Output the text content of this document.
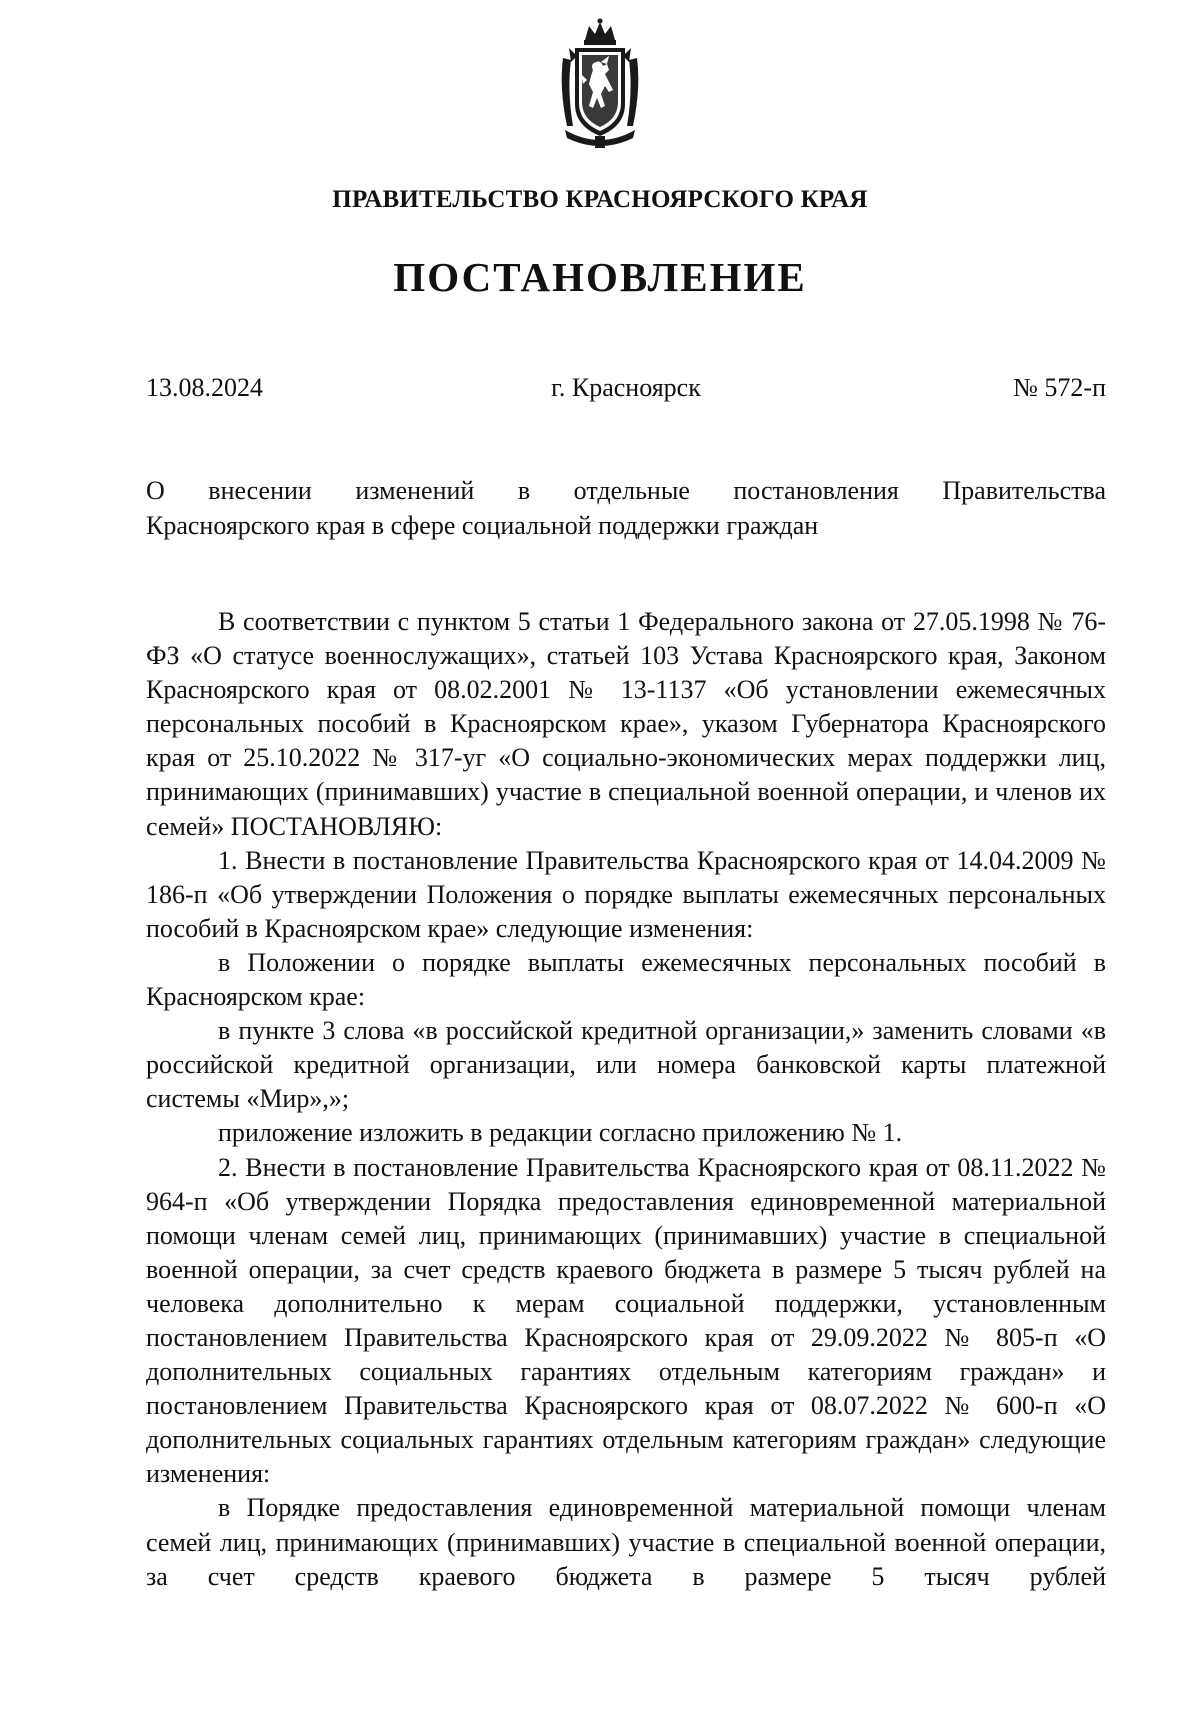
ПРАВИТЕЛЬСТВО КРАСНОЯРСКОГО КРАЯ
ПОСТАНОВЛЕНИЕ
13.08.2024	г. Красноярск	№ 572-п
О внесении изменений в отдельные постановления Правительства
Красноярского края в сфере социальной поддержки граждан

В соответствии с пунктом 5 статьи 1 Федерального закона от 27.05.1998 № 76-ФЗ «О статусе военнослужащих», статьей 103 Устава Красноярского края, Законом Красноярского края от 08.02.2001 № 13-1137 «Об установлении ежемесячных персональных пособий в Красноярском крае», указом Губернатора Красноярского края от 25.10.2022 № 317-уг «О социально-экономических мерах поддержки лиц, принимающих (принимавших) участие в специальной военной операции, и членов их семей» ПОСТАНОВЛЯЮ:

1. Внести в постановление Правительства Красноярского края от 14.04.2009 № 186-п «Об утверждении Положения о порядке выплаты ежемесячных персональных пособий в Красноярском крае» следующие изменения:

в Положении о порядке выплаты ежемесячных персональных пособий в Красноярском крае:

в пункте 3 слова «в российской кредитной организации,» заменить словами «в российской кредитной организации, или номера банковской карты платежной системы «Мир»,»;

приложение изложить в редакции согласно приложению № 1.

2. Внести в постановление Правительства Красноярского края от 08.11.2022 № 964-п «Об утверждении Порядка предоставления единовременной материальной помощи членам семей лиц, принимающих (принимавших) участие в специальной военной операции, за счет средств краевого бюджета в размере 5 тысяч рублей на человека дополнительно к мерам социальной поддержки, установленным постановлением Правительства Красноярского края от 29.09.2022 № 805-п «О дополнительных социальных гарантиях отдельным категориям граждан» и постановлением Правительства Красноярского края от 08.07.2022 № 600-п «О дополнительных социальных гарантиях отдельным категориям граждан» следующие изменения:

в Порядке предоставления единовременной материальной помощи членам семей лиц, принимающих (принимавших) участие в специальной военной операции, за счет средств краевого бюджета в размере 5 тысяч рублей
